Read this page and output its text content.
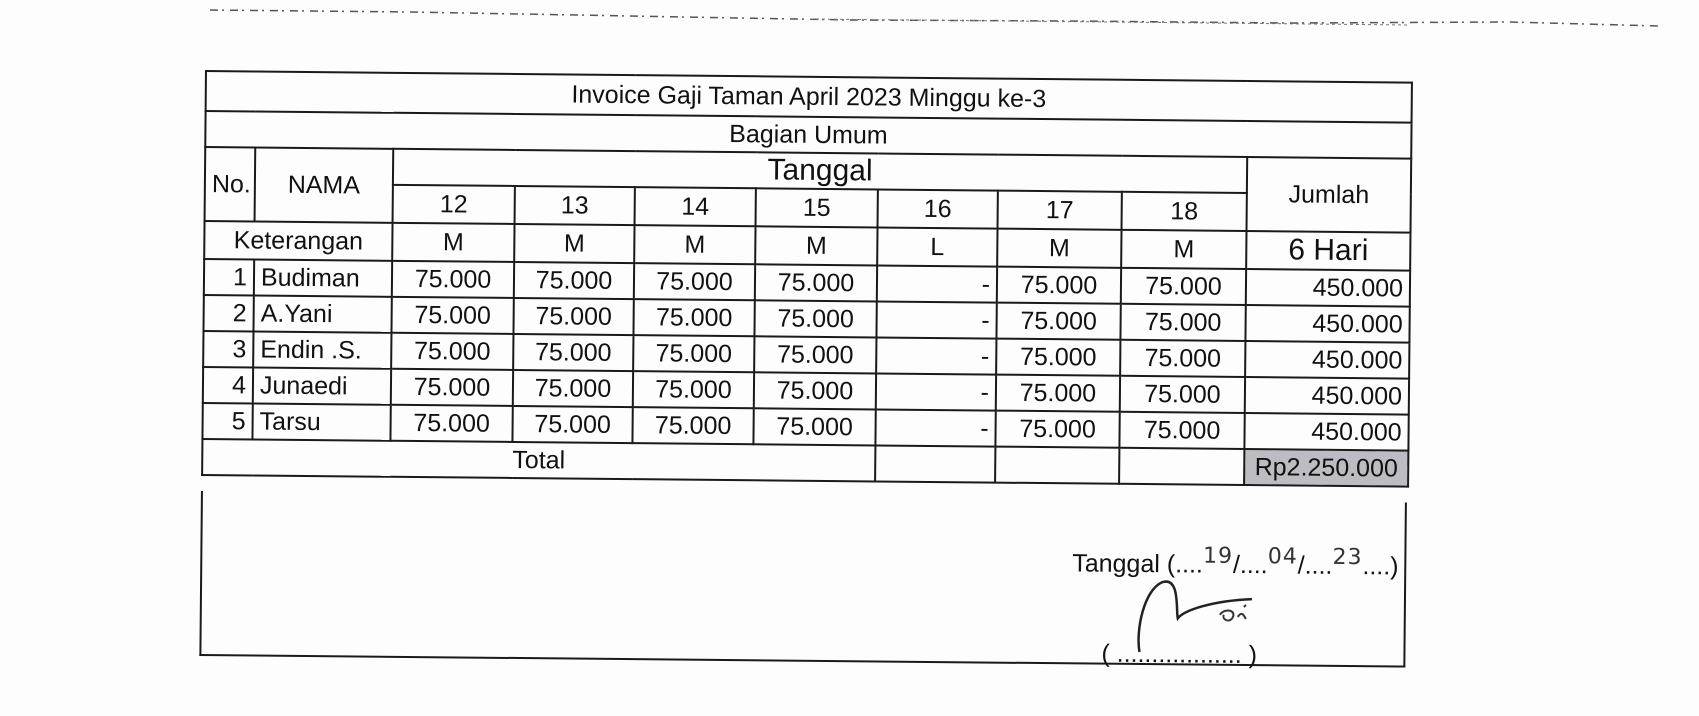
Invoice Gaji Taman April 2023 Minggu ke-3									
Bagian Umum									
No.	NAMA	Tanggal							Jumlah
		12	13	14	15	16	17	18	
Keterangan		M	M	M	M	L	M	M	6 Hari
1	Budiman	75.000	75.000	75.000	75.000	-	75.000	75.000	450.000
2	A.Yani	75.000	75.000	75.000	75.000	-	75.000	75.000	450.000
3	Endin .S.	75.000	75.000	75.000	75.000	-	75.000	75.000	450.000
4	Junaedi	75.000	75.000	75.000	75.000	-	75.000	75.000	450.000
5	Tarsu	75.000	75.000	75.000	75.000	-	75.000	75.000	450.000
Total									Rp2.250.000
Tanggal (....19/....04/....23....)
( .................. )
